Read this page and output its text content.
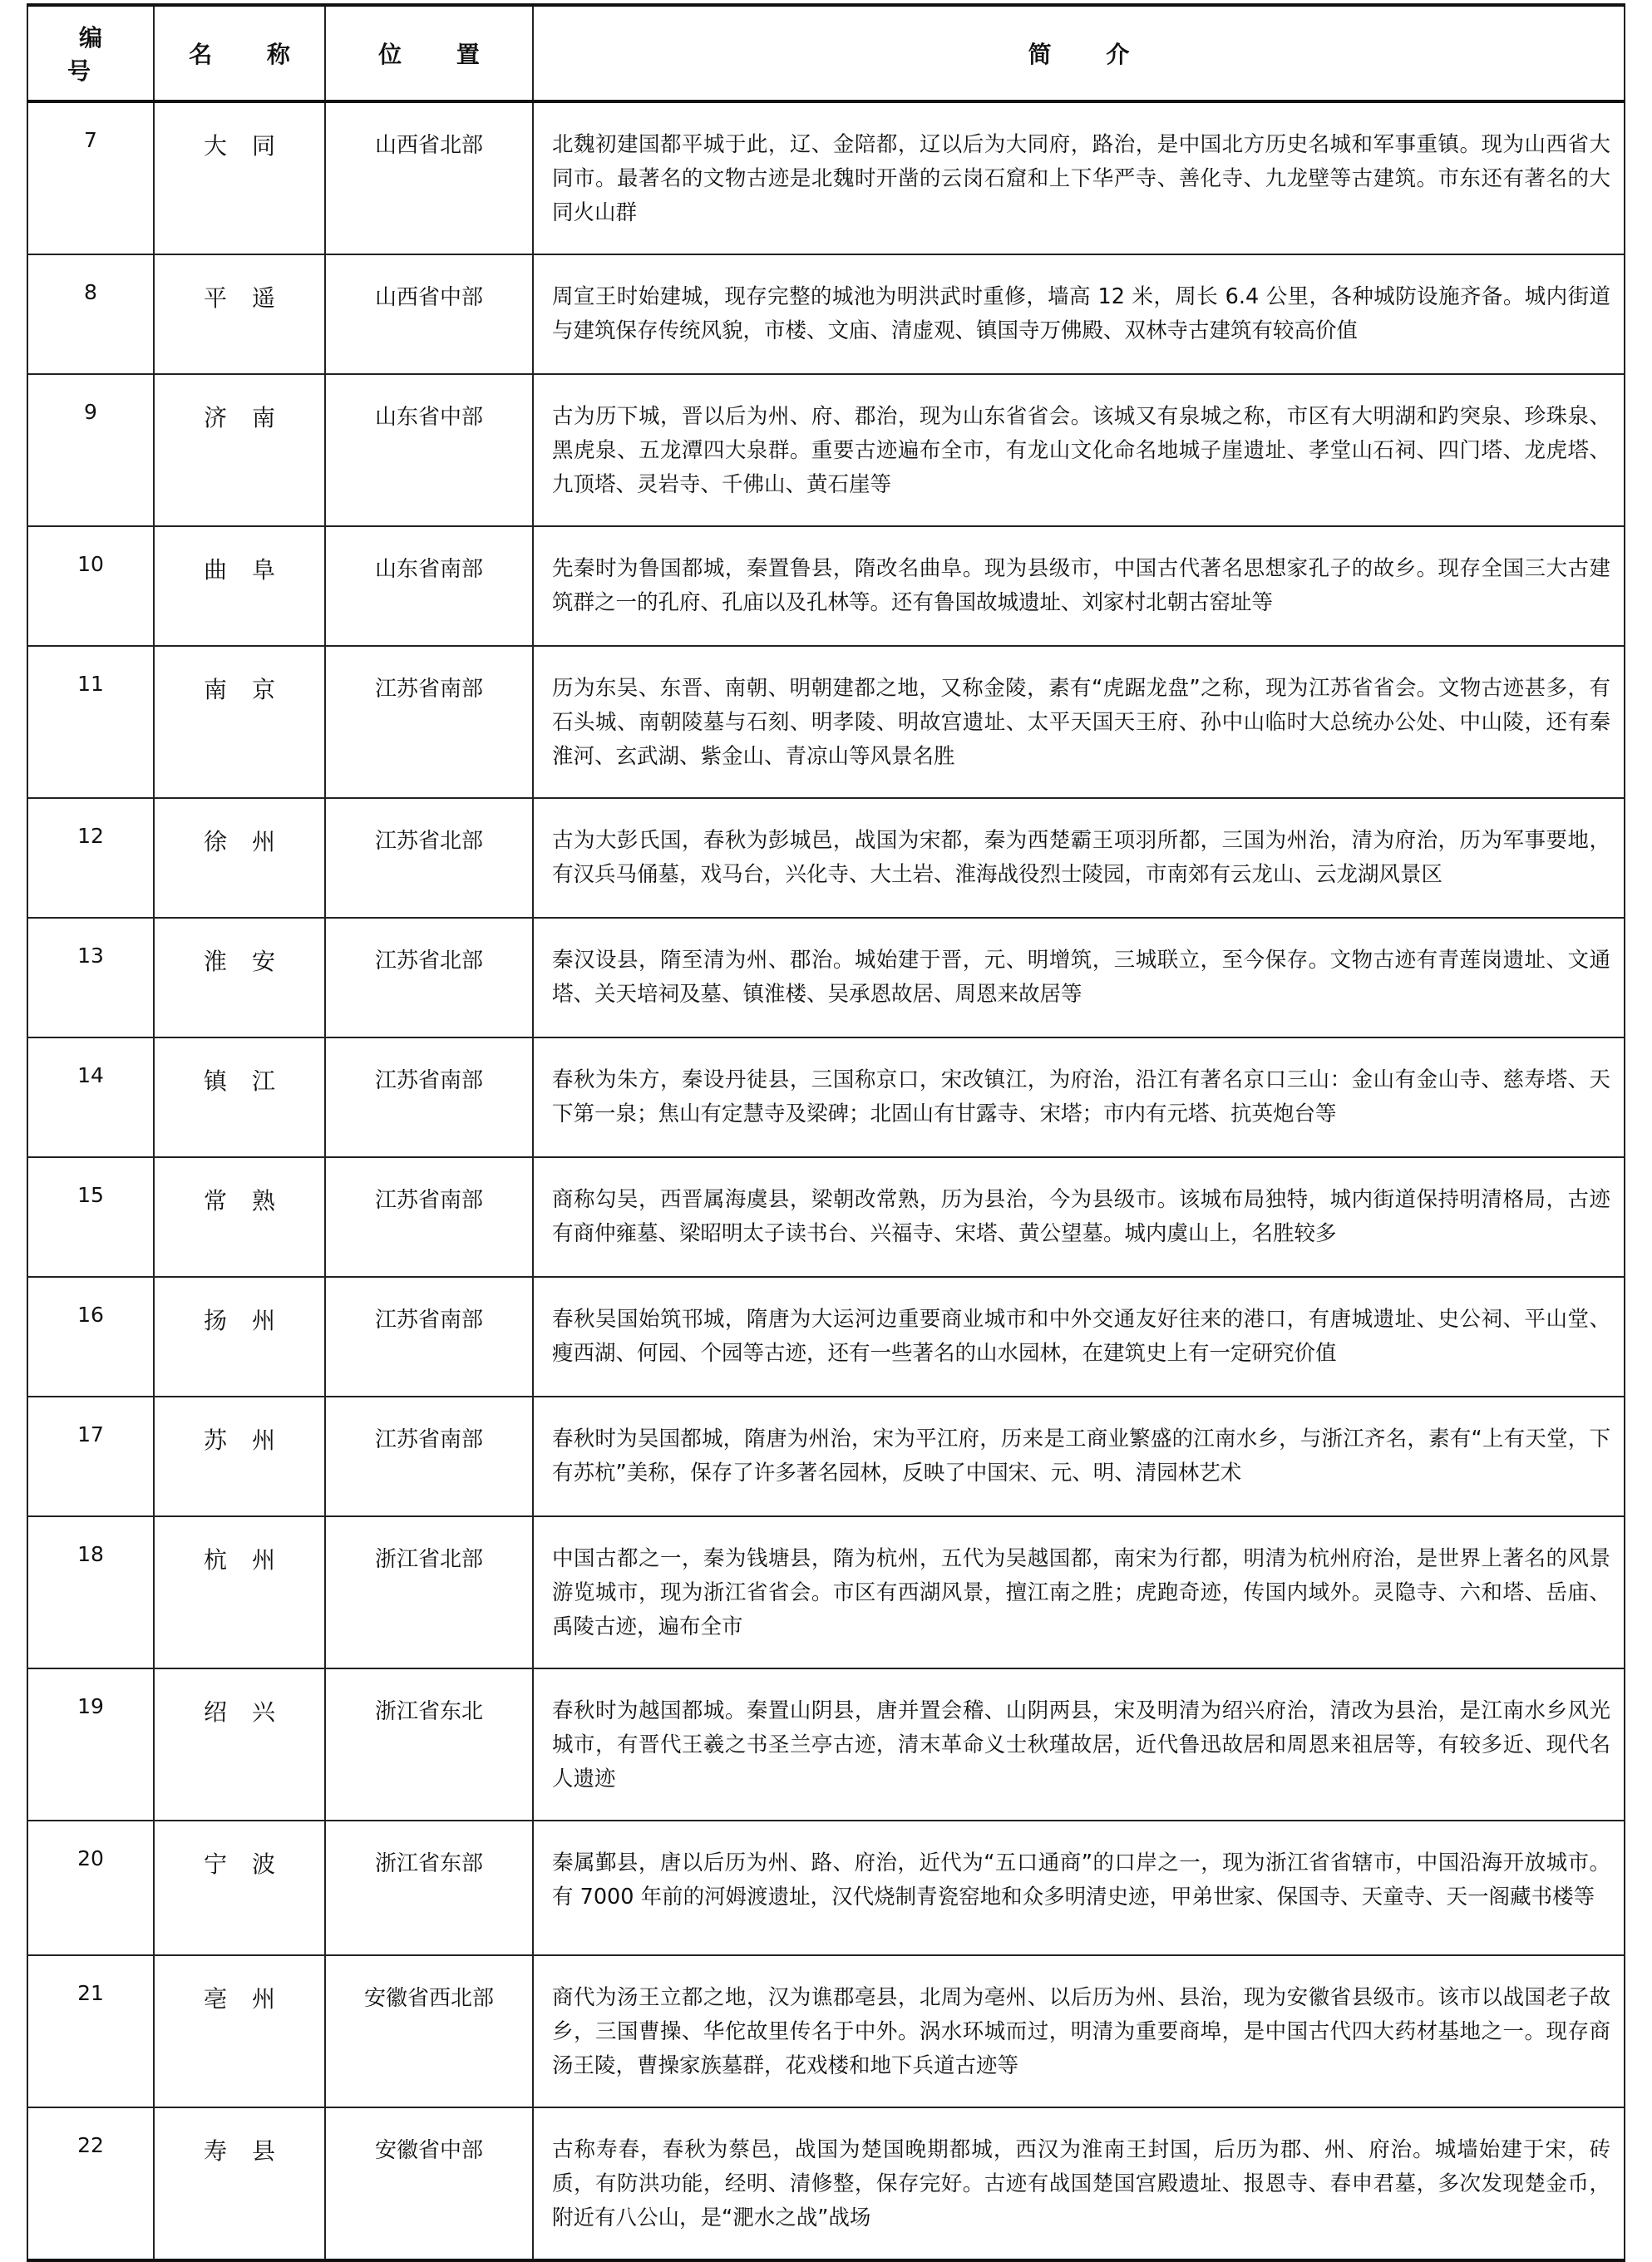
编 号	名 称	位 置	简 介
7	大同	山西省北部	北魏初建国都平城于此，辽、金陪都，辽以后为大同府，路治，是中国北方历史名城和军事重镇。现为山西省大同市。最著名的文物古迹是北魏时开凿的云岗石窟和上下华严寺、善化寺、九龙壁等古建筑。市东还有著名的大同火山群
8	平遥	山西省中部	周宣王时始建城，现存完整的城池为明洪武时重修，墙高 12 米，周长 6.4 公里，各种城防设施齐备。城内街道与建筑保存传统风貌，市楼、文庙、清虚观、镇国寺万佛殿、双林寺古建筑有较高价值
9	济南	山东省中部	古为历下城，晋以后为州、府、郡治，现为山东省省会。该城又有泉城之称，市区有大明湖和趵突泉、珍珠泉、黑虎泉、五龙潭四大泉群。重要古迹遍布全市，有龙山文化命名地城子崖遗址、孝堂山石祠、四门塔、龙虎塔、九顶塔、灵岩寺、千佛山、黄石崖等
10	曲阜	山东省南部	先秦时为鲁国都城，秦置鲁县，隋改名曲阜。现为县级市，中国古代著名思想家孔子的故乡。现存全国三大古建筑群之一的孔府、孔庙以及孔林等。还有鲁国故城遗址、刘家村北朝古窑址等
11	南京	江苏省南部	历为东吴、东晋、南朝、明朝建都之地，又称金陵，素有“虎踞龙盘”之称，现为江苏省省会。文物古迹甚多，有石头城、南朝陵墓与石刻、明孝陵、明故宫遗址、太平天国天王府、孙中山临时大总统办公处、中山陵，还有秦淮河、玄武湖、紫金山、青凉山等风景名胜
12	徐州	江苏省北部	古为大彭氏国，春秋为彭城邑，战国为宋都，秦为西楚霸王项羽所都，三国为州治，清为府治，历为军事要地，有汉兵马俑墓，戏马台，兴化寺、大土岩、淮海战役烈士陵园，市南郊有云龙山、云龙湖风景区
13	淮安	江苏省北部	秦汉设县，隋至清为州、郡治。城始建于晋，元、明增筑，三城联立，至今保存。文物古迹有青莲岗遗址、文通塔、关天培祠及墓、镇淮楼、吴承恩故居、周恩来故居等
14	镇江	江苏省南部	春秋为朱方，秦设丹徒县，三国称京口，宋改镇江，为府治，沿江有著名京口三山：金山有金山寺、慈寿塔、天下第一泉；焦山有定慧寺及梁碑；北固山有甘露寺、宋塔；市内有元塔、抗英炮台等
15	常熟	江苏省南部	商称勾吴，西晋属海虞县，梁朝改常熟，历为县治，今为县级市。该城布局独特，城内街道保持明清格局，古迹有商仲雍墓、梁昭明太子读书台、兴福寺、宋塔、黄公望墓。城内虞山上，名胜较多
16	扬州	江苏省南部	春秋吴国始筑邗城，隋唐为大运河边重要商业城市和中外交通友好往来的港口，有唐城遗址、史公祠、平山堂、瘦西湖、何园、个园等古迹，还有一些著名的山水园林，在建筑史上有一定研究价值
17	苏州	江苏省南部	春秋时为吴国都城，隋唐为州治，宋为平江府，历来是工商业繁盛的江南水乡，与浙江齐名，素有“上有天堂，下有苏杭”美称，保存了许多著名园林，反映了中国宋、元、明、清园林艺术
18	杭州	浙江省北部	中国古都之一，秦为钱塘县，隋为杭州，五代为吴越国都，南宋为行都，明清为杭州府治，是世界上著名的风景游览城市，现为浙江省省会。市区有西湖风景，擅江南之胜；虎跑奇迹，传国内域外。灵隐寺、六和塔、岳庙、禹陵古迹，遍布全市
19	绍兴	浙江省东北	春秋时为越国都城。秦置山阴县，唐并置会稽、山阴两县，宋及明清为绍兴府治，清改为县治，是江南水乡风光城市，有晋代王羲之书圣兰亭古迹，清末革命义士秋瑾故居，近代鲁迅故居和周恩来祖居等，有较多近、现代名人遗迹
20	宁波	浙江省东部	秦属鄞县，唐以后历为州、路、府治，近代为“五口通商”的口岸之一，现为浙江省省辖市，中国沿海开放城市。有 7000 年前的河姆渡遗址，汉代烧制青瓷窑地和众多明清史迹，甲弟世家、保国寺、天童寺、天一阁藏书楼等
21	亳州	安徽省西北部	商代为汤王立都之地，汉为谯郡亳县，北周为亳州、以后历为州、县治，现为安徽省县级市。该市以战国老子故乡，三国曹操、华佗故里传名于中外。涡水环城而过，明清为重要商埠，是中国古代四大药材基地之一。现存商汤王陵，曹操家族墓群，花戏楼和地下兵道古迹等
22	寿县	安徽省中部	古称寿春，春秋为蔡邑，战国为楚国晚期都城，西汉为淮南王封国，后历为郡、州、府治。城墙始建于宋，砖质，有防洪功能，经明、清修整，保存完好。古迹有战国楚国宫殿遗址、报恩寺、春申君墓，多次发现楚金币，附近有八公山，是“淝水之战”战场
